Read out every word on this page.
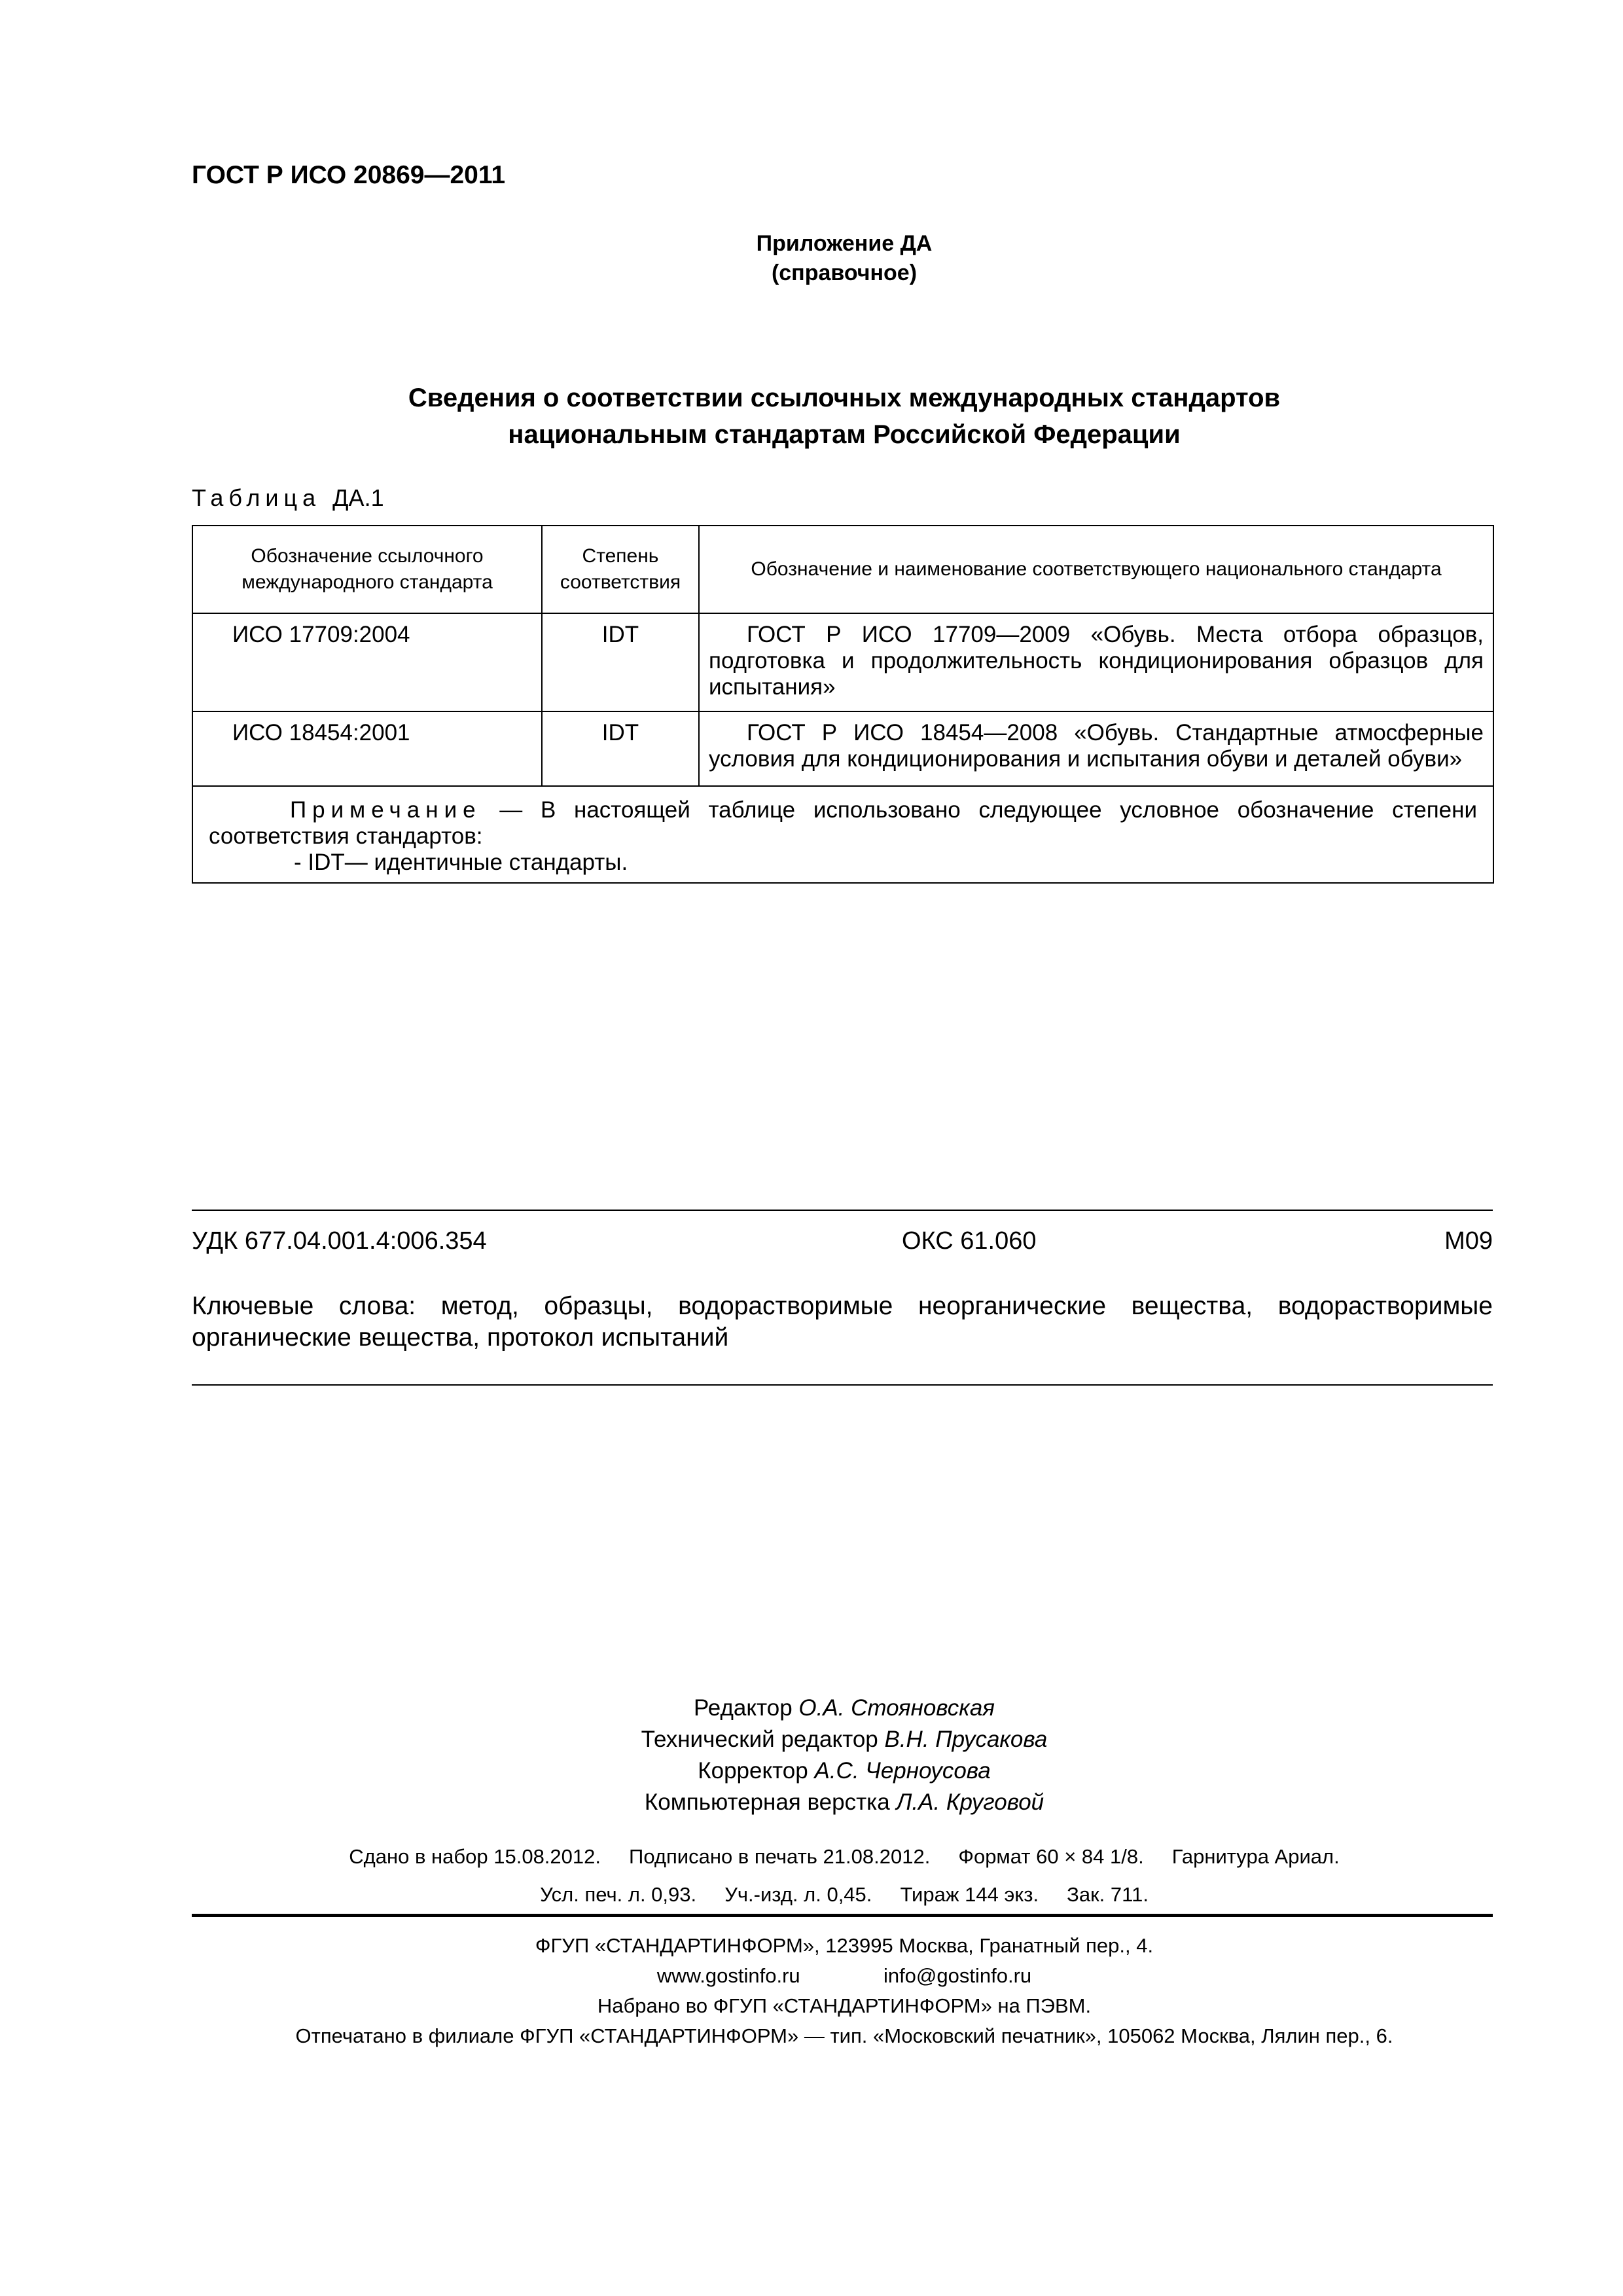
ГОСТ Р ИСО 20869—2011
Приложение ДА
(справочное)
Сведения о соответствии ссылочных международных стандартов
национальным стандартам Российской Федерации
Таблица ДА.1
Обозначение ссылочного международного стандарта	Степень соответствия	Обозначение и наименование соответствующего национального стандарта
ИСО 17709:2004	IDT	ГОСТ Р ИСО 17709—2009 «Обувь. Места отбора образцов, подготовка и продолжительность кондиционирования образцов для испытания»
ИСО 18454:2001	IDT	ГОСТ Р ИСО 18454—2008 «Обувь. Стандартные атмосферные условия для кондиционирования и испытания обуви и деталей обуви»

Примечание — В настоящей таблице использовано следующее условное обозначение степени соответствия стандартов:
- IDT— идентичные стандарты.		
УДК 677.04.001.4:006.354	ОКС 61.060	М09
Ключевые слова: метод, образцы, водорастворимые неорганические вещества, водорастворимые органические вещества, протокол испытаний
Редактор О.А. Стояновская
Технический редактор В.Н. Прусакова
Корректор А.С. Черноусова
Компьютерная верстка Л.А. Круговой
Сдано в набор 15.08.2012.     Подписано в печать 21.08.2012.     Формат 60 × 84 1/8.     Гарнитура Ариал.
Усл. печ. л. 0,93.     Уч.-изд. л. 0,45.     Тираж 144 экз.     Зак. 711.
ФГУП «СТАНДАРТИНФОРМ», 123995 Москва, Гранатный пер., 4.
www.gostinfo.ru	info@gostinfo.ru
Набрано во ФГУП «СТАНДАРТИНФОРМ» на ПЭВМ.
Отпечатано в филиале ФГУП «СТАНДАРТИНФОРМ» — тип. «Московский печатник», 105062 Москва, Лялин пер., 6.
